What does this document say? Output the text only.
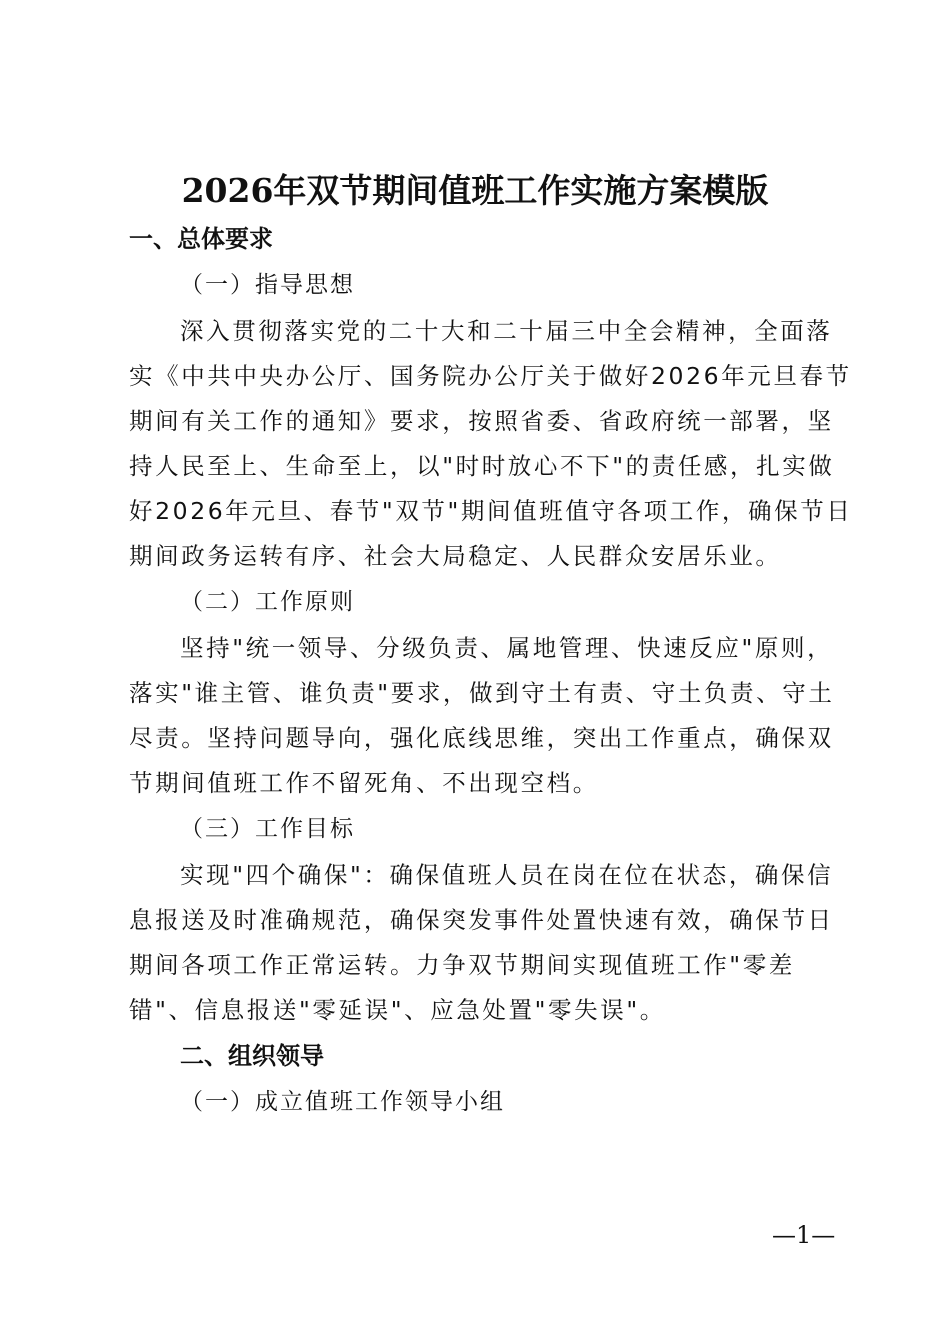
2026年双节期间值班工作实施方案模版

一、总体要求

（一）指导思想

深入贯彻落实党的二十大和二十届三中全会精神，全面落

实《中共中央办公厅、国务院办公厅关于做好2026年元旦春节

期间有关工作的通知》要求，按照省委、省政府统一部署，坚

持人民至上、生命至上，以"时时放心不下"的责任感，扎实做

好2026年元旦、春节"双节"期间值班值守各项工作，确保节日

期间政务运转有序、社会大局稳定、人民群众安居乐业。

（二）工作原则

坚持"统一领导、分级负责、属地管理、快速反应"原则，

落实"谁主管、谁负责"要求，做到守土有责、守土负责、守土

尽责。坚持问题导向，强化底线思维，突出工作重点，确保双

节期间值班工作不留死角、不出现空档。

（三）工作目标

实现"四个确保"：确保值班人员在岗在位在状态，确保信

息报送及时准确规范，确保突发事件处置快速有效，确保节日

期间各项工作正常运转。力争双节期间实现值班工作"零差

错"、信息报送"零延误"、应急处置"零失误"。

二、组织领导

（一）成立值班工作领导小组

—1—
